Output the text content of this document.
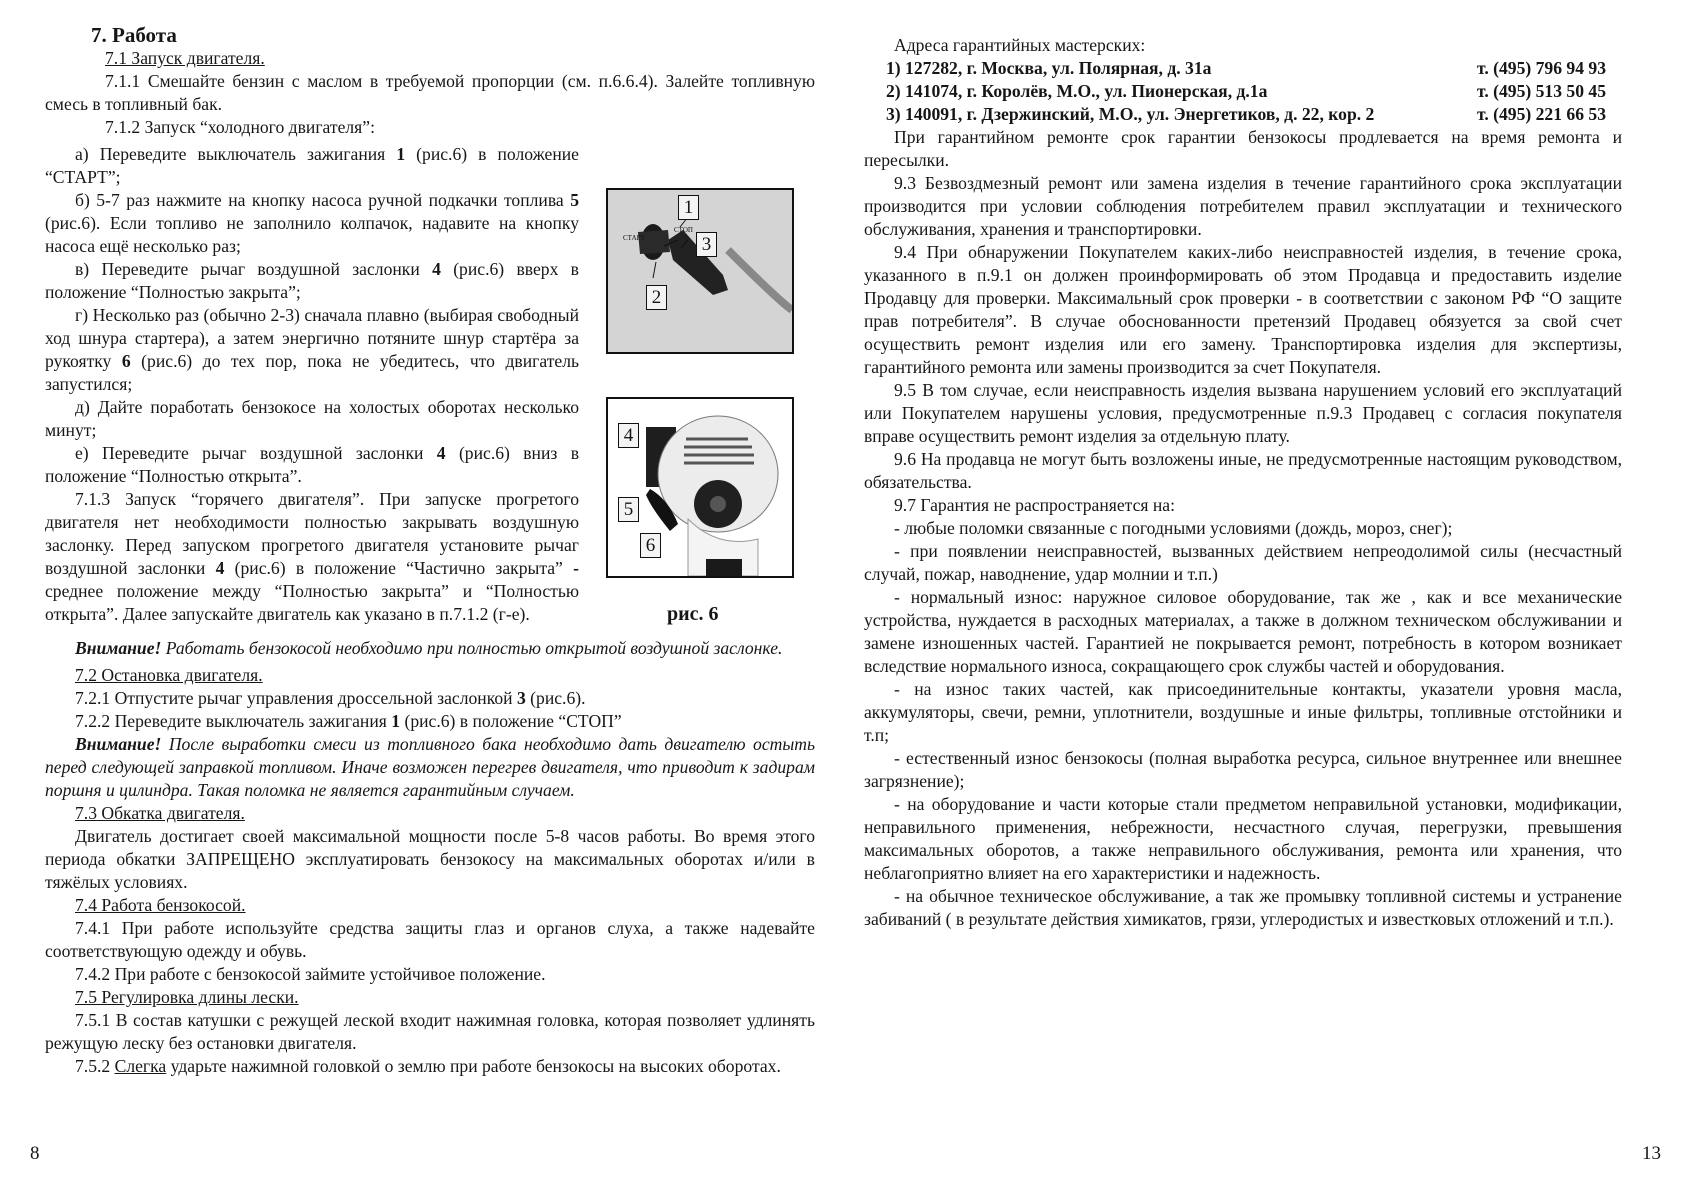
7. Работа

7.1 Запуск двигателя.

7.1.1 Смешайте бензин с маслом в требуемой пропорции (см. п.6.6.4). Залейте топливную смесь в топливный бак.

7.1.2 Запуск “холодного двигателя”:

а) Переведите выключатель зажигания 1 (рис.6) в положение “СТАРТ”;

б) 5-7 раз нажмите на кнопку насоса ручной подкачки топлива 5 (рис.6). Если топливо не заполнило колпачок, надавите на кнопку насоса ещё несколько раз;

в) Переведите рычаг воздушной заслонки 4 (рис.6) вверх в положение “Полностью закрыта”;

г) Несколько раз (обычно 2-3) сначала плавно (выбирая свободный ход шнура стартера), а затем энергично потяните шнур стартёра за рукоятку 6 (рис.6) до тех пор, пока не убедитесь, что двигатель запустился;

д) Дайте поработать бензокосе на холостых оборотах несколько минут;

е) Переведите рычаг воздушной заслонки 4 (рис.6) вниз в положение “Полностью открыта”.

7.1.3 Запуск “горячего двигателя”. При запуске прогретого двигателя нет необходимости полностью закрывать воздушную заслонку. Перед запуском прогретого двигателя установите рычаг воздушной заслонки 4 (рис.6) в положение “Частично закрыта” - среднее положение между “Полностью закрыта” и “Полностью открыта”. Далее запускайте двигатель как указано в п.7.1.2 (г-е).

СТАРТ
СТОП
1
3
2
4
5
6
рис. 6

Внимание! Работать бензокосой необходимо при полностью открытой воздушной заслонке.

7.2 Остановка двигателя.

7.2.1 Отпустите рычаг управления дроссельной заслонкой 3 (рис.6).

7.2.2 Переведите выключатель зажигания 1 (рис.6) в положение “СТОП”

Внимание! После выработки смеси из топливного бака необходимо дать двигателю остыть перед следующей заправкой топливом. Иначе возможен перегрев двигателя, что приводит к задирам поршня и цилиндра. Такая поломка не является гарантийным случаем.

7.3 Обкатка двигателя.

Двигатель достигает своей максимальной мощности после 5-8 часов работы. Во время этого периода обкатки ЗАПРЕЩЕНО эксплуатировать бензокосу на максимальных оборотах и/или в тяжёлых условиях.

7.4 Работа бензокосой.

7.4.1 При работе используйте средства защиты глаз и органов слуха, а также надевайте соответствующую одежду и обувь.

7.4.2 При работе с бензокосой займите устойчивое положение.

7.5 Регулировка длины лески.

7.5.1 В состав катушки с режущей леской входит нажимная головка, которая позволяет удлинять режущую леску без остановки двигателя.

7.5.2 Слегка ударьте нажимной головкой о землю при работе бензокосы на высоких оборотах.

8

Адреса гарантийных мастерских:

1) 127282, г. Москва, ул. Полярная, д. 31а	т. (495) 796 94 93
2) 141074, г. Королёв, М.О., ул. Пионерская, д.1а	т. (495) 513 50 45
3) 140091, г. Дзержинский, М.О., ул. Энергетиков, д. 22, кор. 2	т. (495) 221 66 53

При гарантийном ремонте срок гарантии бензокосы продлевается на время ремонта и пересылки.

9.3 Безвоздмезный ремонт или замена изделия в течение гарантийного срока эксплуатации производится при условии соблюдения потребителем правил эксплуатации и технического обслуживания, хранения и транспортировки.

9.4 При обнаружении Покупателем каких-либо неисправностей изделия, в течение срока, указанного в п.9.1 он должен проинформировать об этом Продавца и предоставить изделие Продавцу для проверки. Максимальный срок проверки - в соответствии с законом РФ “О защите прав потребителя”. В случае обоснованности претензий Продавец обязуется за свой счет осуществить ремонт изделия или его замену. Транспортировка изделия для экспертизы, гарантийного ремонта или замены производится за счет Покупателя.

9.5 В том случае, если неисправность изделия вызвана нарушением условий его эксплуатаций или Покупателем нарушены условия, предусмотренные п.9.3 Продавец с согласия покупателя вправе осуществить ремонт изделия за отдельную плату.

9.6 На продавца не могут быть возложены иные, не предусмотренные настоящим руководством, обязательства.

9.7 Гарантия не распространяется на:

- любые поломки связанные с погодными условиями (дождь, мороз, снег);

- при появлении неисправностей, вызванных действием непреодолимой силы (несчастный случай, пожар, наводнение, удар молнии и т.п.)

- нормальный износ: наружное силовое оборудование, так же , как и все механические устройства, нуждается в расходных материалах, а также в должном техническом обслуживании и замене изношенных частей. Гарантией не покрывается ремонт, потребность в котором возникает вследствие нормального износа, сокращающего срок службы частей и оборудования.

- на износ таких частей, как присоединительные контакты, указатели уровня масла, аккумуляторы, свечи, ремни, уплотнители, воздушные и иные фильтры, топливные отстойники и т.п;

- естественный износ бензокосы (полная выработка ресурса, сильное внутреннее или внешнее загрязнение);

- на оборудование и части которые стали предметом неправильной установки, модификации, неправильного применения, небрежности, несчастного случая, перегрузки, превышения максимальных оборотов, а также неправильного обслуживания, ремонта или хранения, что неблагоприятно влияет на его характеристики и надежность.

- на обычное техническое обслуживание, а так же промывку топливной системы и устранение забиваний ( в результате действия химикатов, грязи, углеродистых и известковых отложений и т.п.).

13
